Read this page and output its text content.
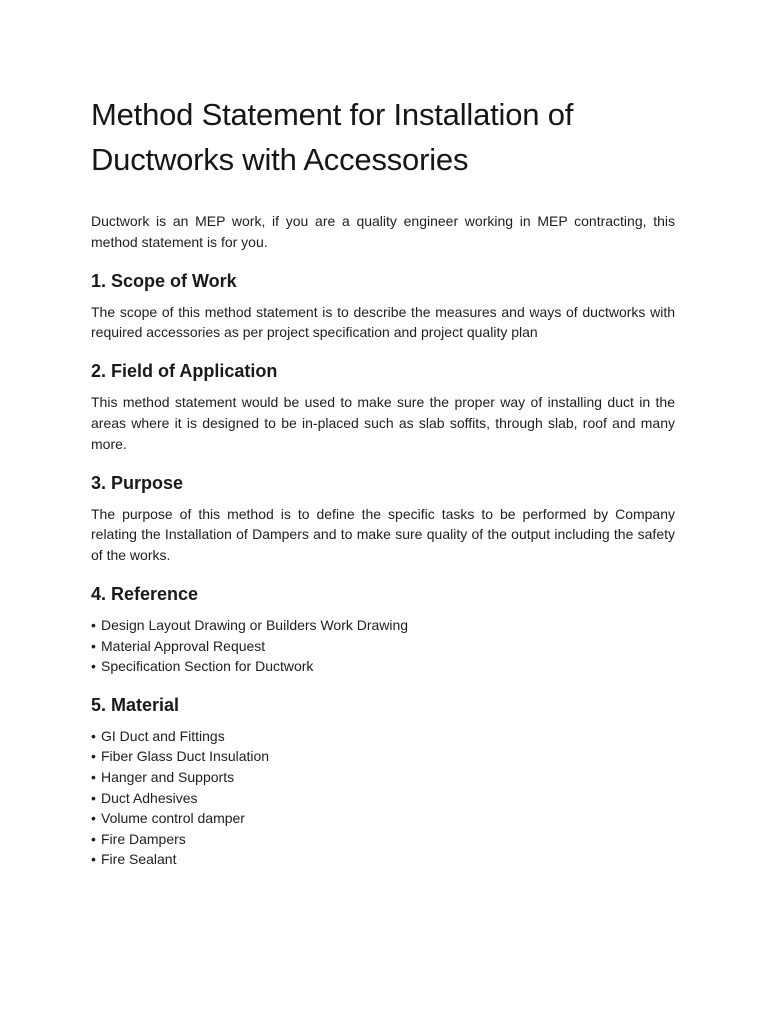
Method Statement for Installation of
Ductworks with Accessories

Ductwork is an MEP work, if you are a quality engineer working in MEP contracting, this method statement is for you.

1. Scope of Work

The scope of this method statement is to describe the measures and ways of ductworks with required accessories as per project specification and project quality plan

2. Field of Application

This method statement would be used to make sure the proper way of installing duct in the areas where it is designed to be in-placed such as slab soffits, through slab, roof and many more.

3. Purpose

The purpose of this method is to define the specific tasks to be performed by Company relating the Installation of Dampers and to make sure quality of the output including the safety of the works.

4. Reference
• Design Layout Drawing or Builders Work Drawing
• Material Approval Request
• Specification Section for Ductwork
5. Material
• GI Duct and Fittings
• Fiber Glass Duct Insulation
• Hanger and Supports
• Duct Adhesives
• Volume control damper
• Fire Dampers
• Fire Sealant
